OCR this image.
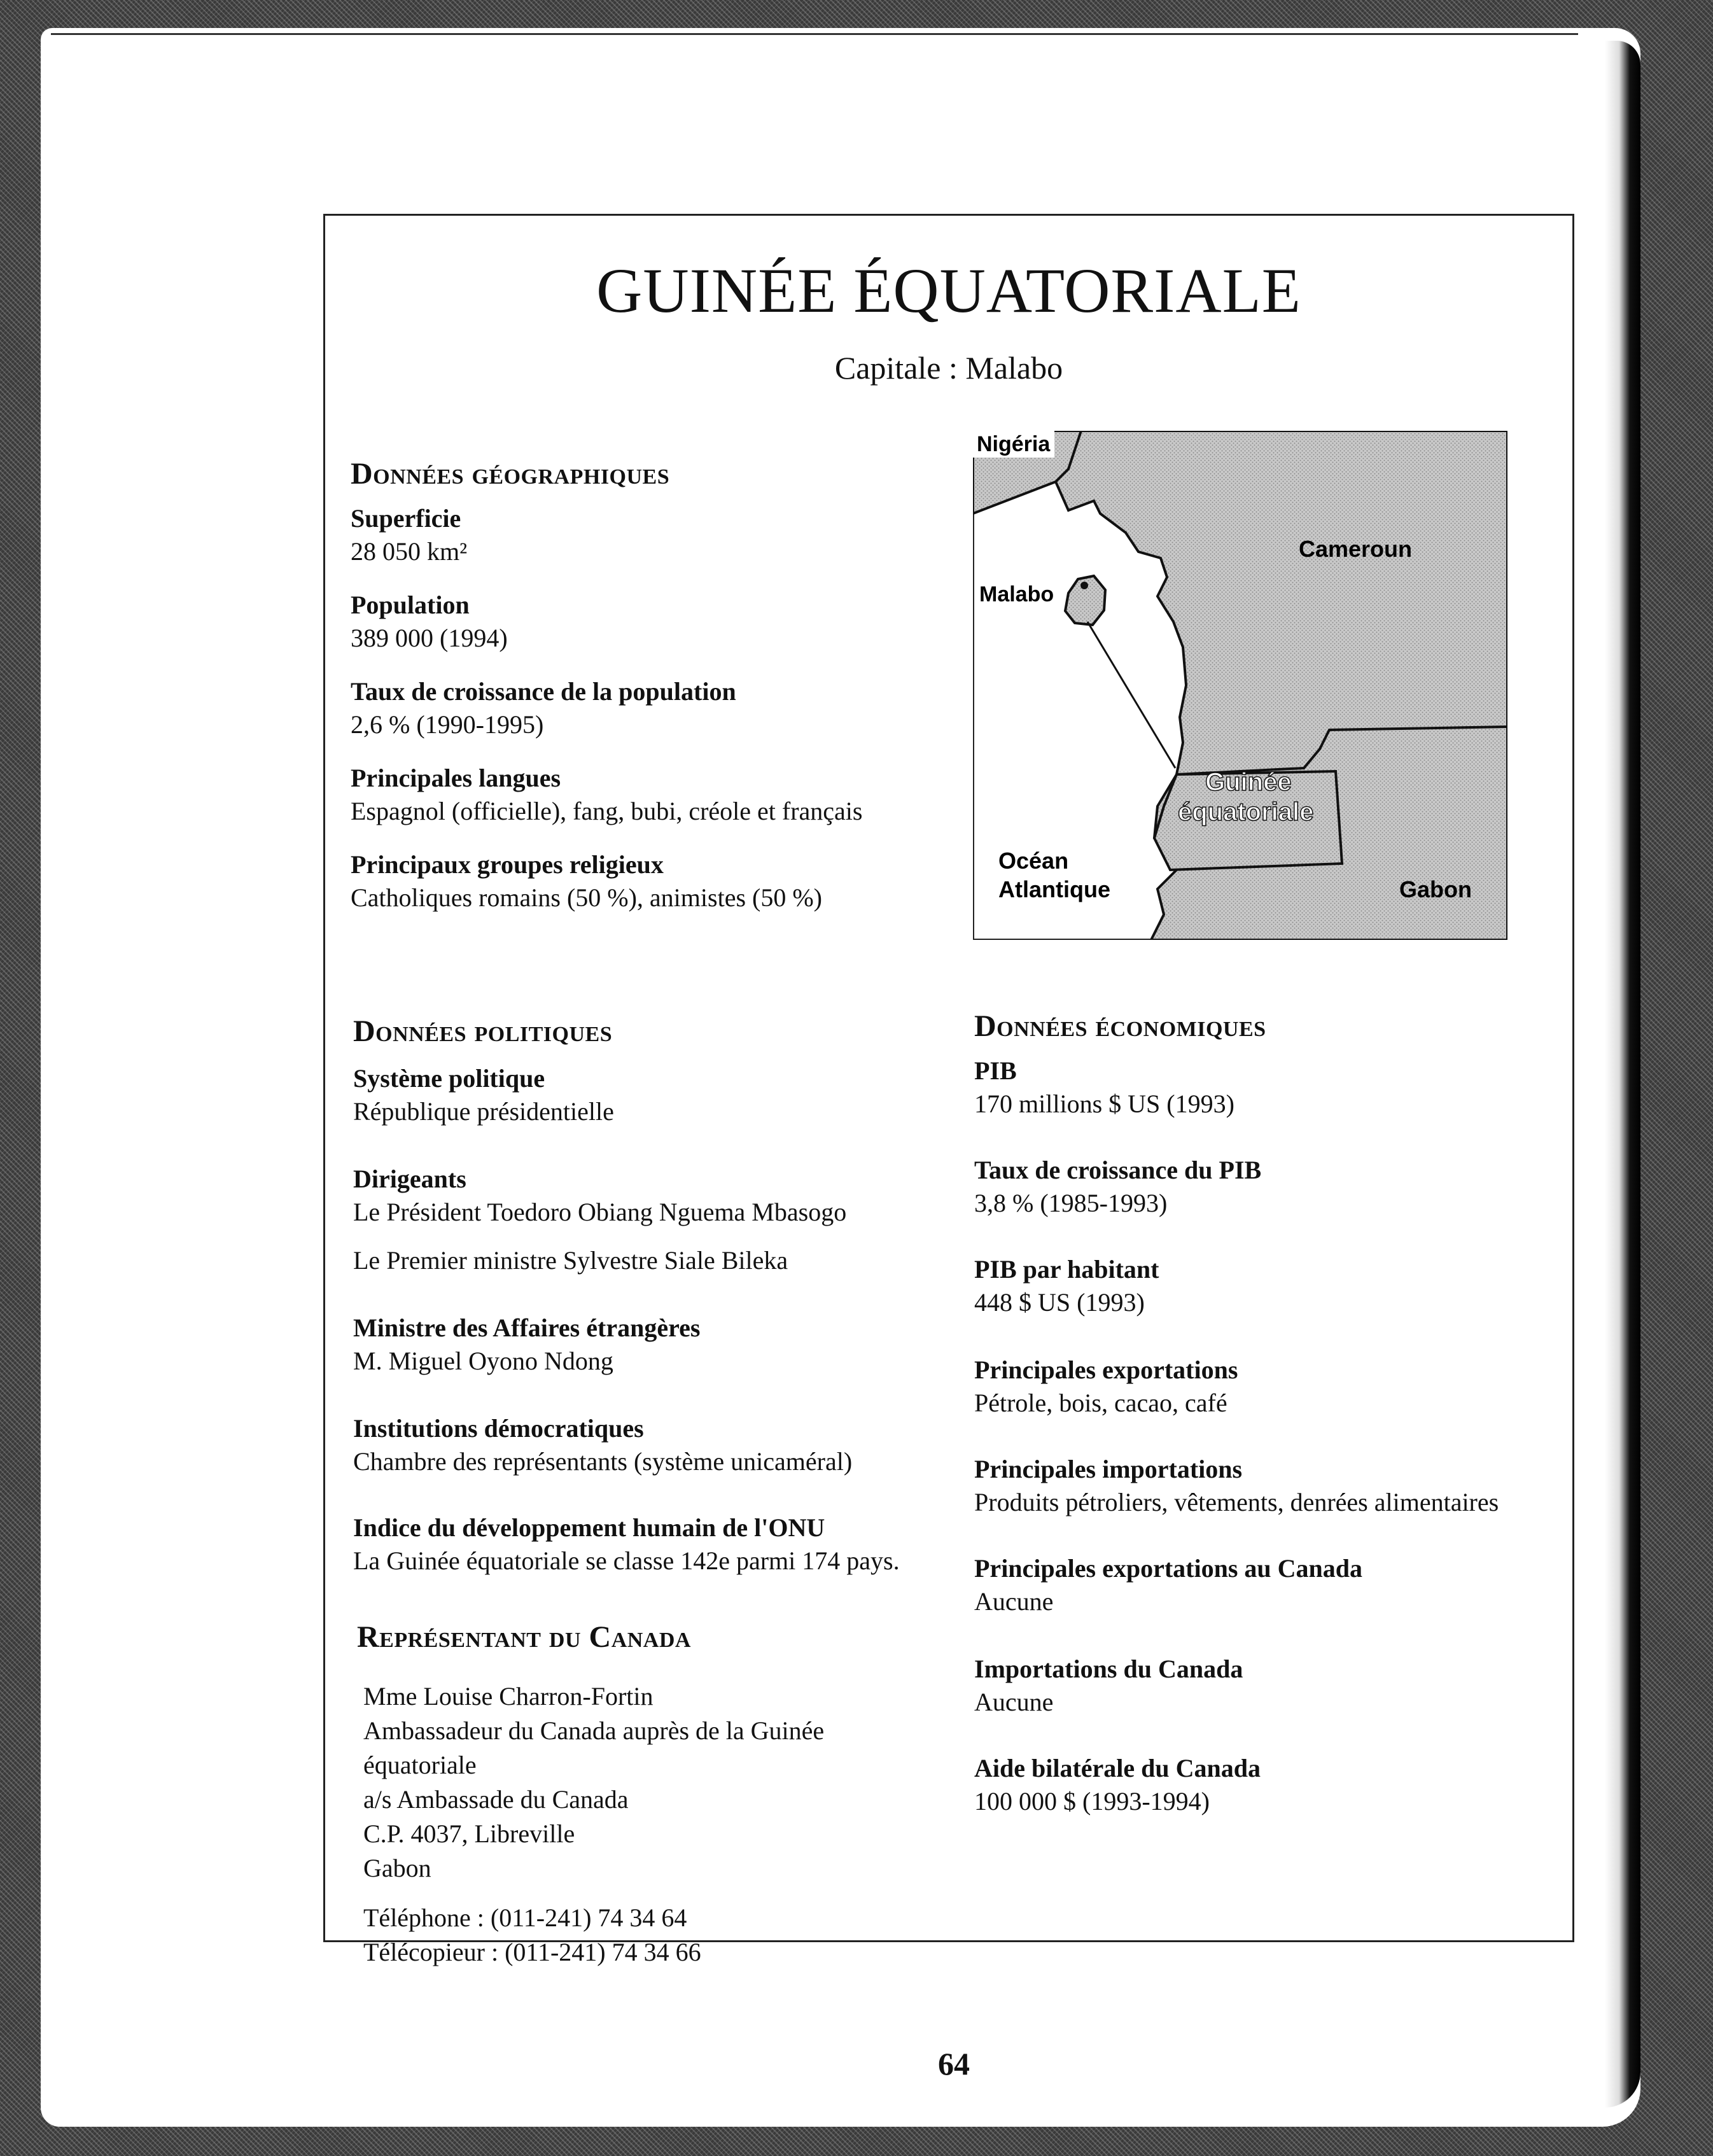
GUINÉE ÉQUATORIALE
Capitale : Malabo
Données géographiques
Superficie
28 050 km²
Population
389 000 (1994)
Taux de croissance de la population
2,6 % (1990-1995)
Principales langues
Espagnol (officielle), fang, bubi, créole et français
Principaux groupes religieux
Catholiques romains (50 %), animistes (50 %)
Nigéria
Cameroun
Malabo
Guinée
équatoriale
Océan
Atlantique	Gabon
Données politiques
Système politique
République présidentielle
Dirigeants
Le Président Toedoro Obiang Nguema Mbasogo
Le Premier ministre Sylvestre Siale Bileka
Ministre des Affaires étrangères
M. Miguel Oyono Ndong
Institutions démocratiques
Chambre des représentants (système unicaméral)
Indice du développement humain de l'ONU
La Guinée équatoriale se classe 142e parmi 174 pays.
Représentant du Canada
Mme Louise Charron-Fortin
Ambassadeur du Canada auprès de la Guinée
équatoriale
a/s Ambassade du Canada
C.P. 4037, Libreville
Gabon
Téléphone : (011-241) 74 34 64
Télécopieur : (011-241) 74 34 66
Données économiques
PIB
170 millions $ US (1993)
Taux de croissance du PIB
3,8 % (1985-1993)
PIB par habitant
448 $ US (1993)
Principales exportations
Pétrole, bois, cacao, café
Principales importations
Produits pétroliers, vêtements, denrées alimentaires
Principales exportations au Canada
Aucune
Importations du Canada
Aucune
Aide bilatérale du Canada
100 000 $ (1993-1994)
64
